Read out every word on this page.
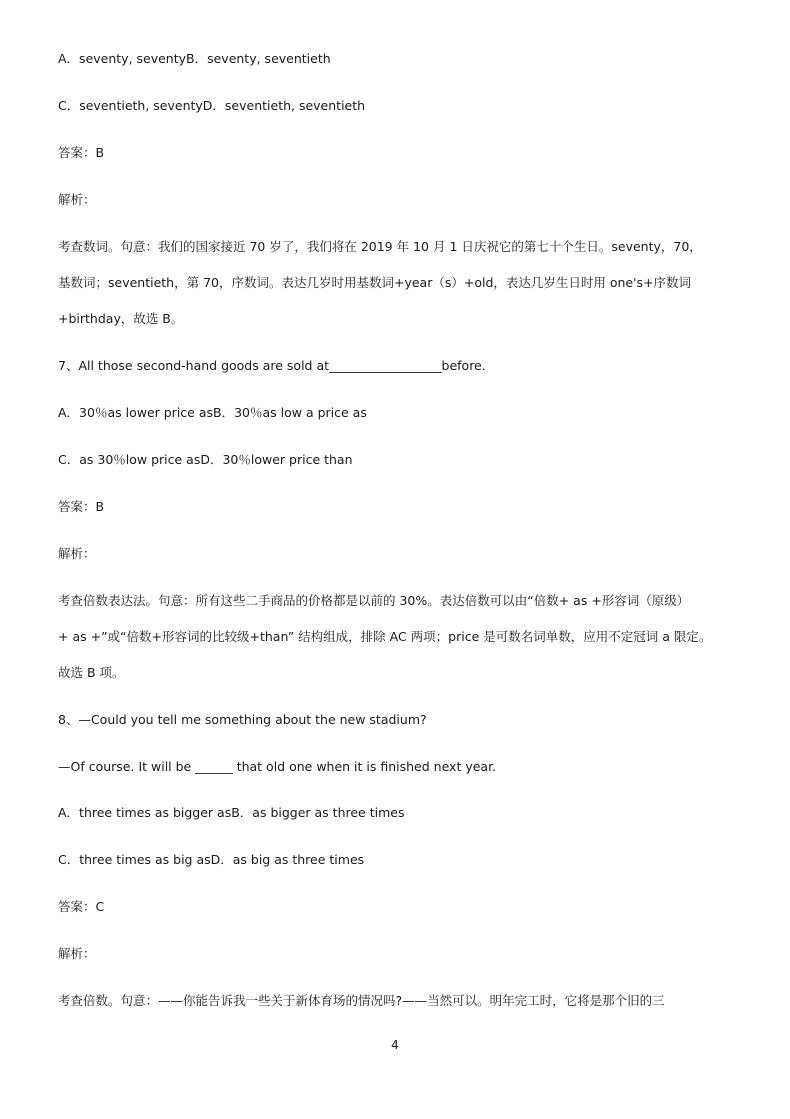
A．seventy, seventyB．seventy, seventieth
C．seventieth, seventyD．seventieth, seventieth
答案：B
解析：
考查数词。句意：我们的国家接近 70 岁了，我们将在 2019 年 10 月 1 日庆祝它的第七十个生日。seventy，70，
基数词；seventieth，第 70，序数词。表达几岁时用基数词+year（s）+old，表达几岁生日时用 one's+序数词
+birthday，故选 B。
7、All those second-hand goods are sold at__________________before．
A．30％as lower price asB．30％as low a price as
C．as 30％low price asD．30％lower price than
答案：B
解析：
考查倍数表达法。句意：所有这些二手商品的价格都是以前的 30%。表达倍数可以由“倍数+ as +形容词（原级）
+ as +”或“倍数+形容词的比较级+than” 结构组成，排除 AC 两项；price 是可数名词单数，应用不定冠词 a 限定。
故选 B 项。
8、—Could you tell me something about the new stadium?
—Of course. It will be ______ that old one when it is finished next year.
A．three times as bigger asB．as bigger as three times
C．three times as big asD．as big as three times
答案：C
解析：
考查倍数。句意：——你能告诉我一些关于新体育场的情况吗?——当然可以。明年完工时，它将是那个旧的三
4
